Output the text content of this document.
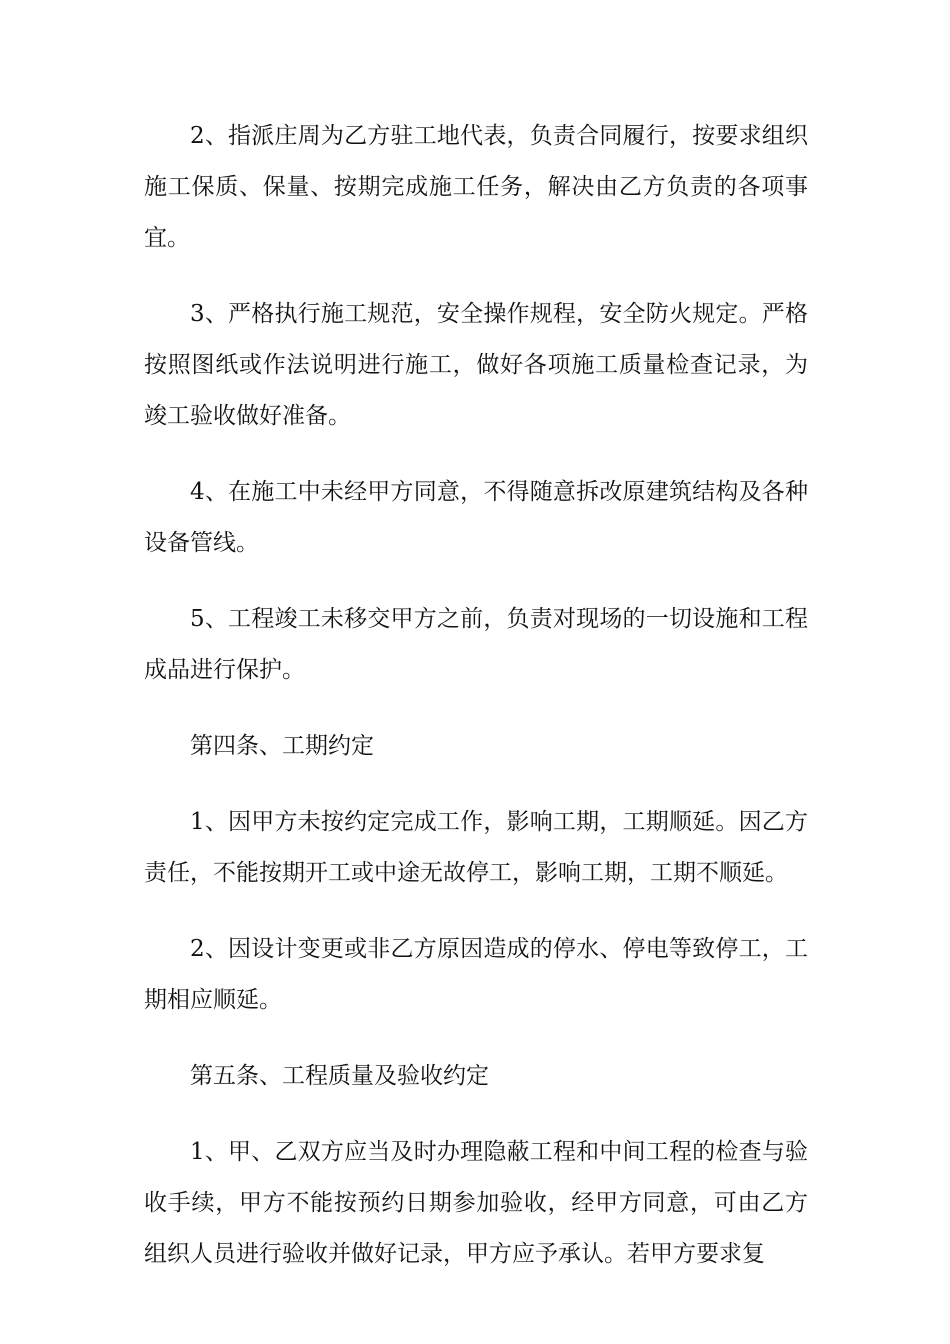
2、指派庄周为乙方驻工地代表，负责合同履行，按要求组织施工保质、保量、按期完成施工任务，解决由乙方负责的各项事宜。

3、严格执行施工规范，安全操作规程，安全防火规定。严格按照图纸或作法说明进行施工，做好各项施工质量检查记录，为竣工验收做好准备。

4、在施工中未经甲方同意，不得随意拆改原建筑结构及各种设备管线。

5、工程竣工未移交甲方之前，负责对现场的一切设施和工程成品进行保护。

第四条、工期约定

1、因甲方未按约定完成工作，影响工期，工期顺延。因乙方责任，不能按期开工或中途无故停工，影响工期，工期不顺延。

2、因设计变更或非乙方原因造成的停水、停电等致停工，工期相应顺延。

第五条、工程质量及验收约定

1、甲、乙双方应当及时办理隐蔽工程和中间工程的检查与验收手续，甲方不能按预约日期参加验收，经甲方同意，可由乙方组织人员进行验收并做好记录，甲方应予承认。若甲方要求复
